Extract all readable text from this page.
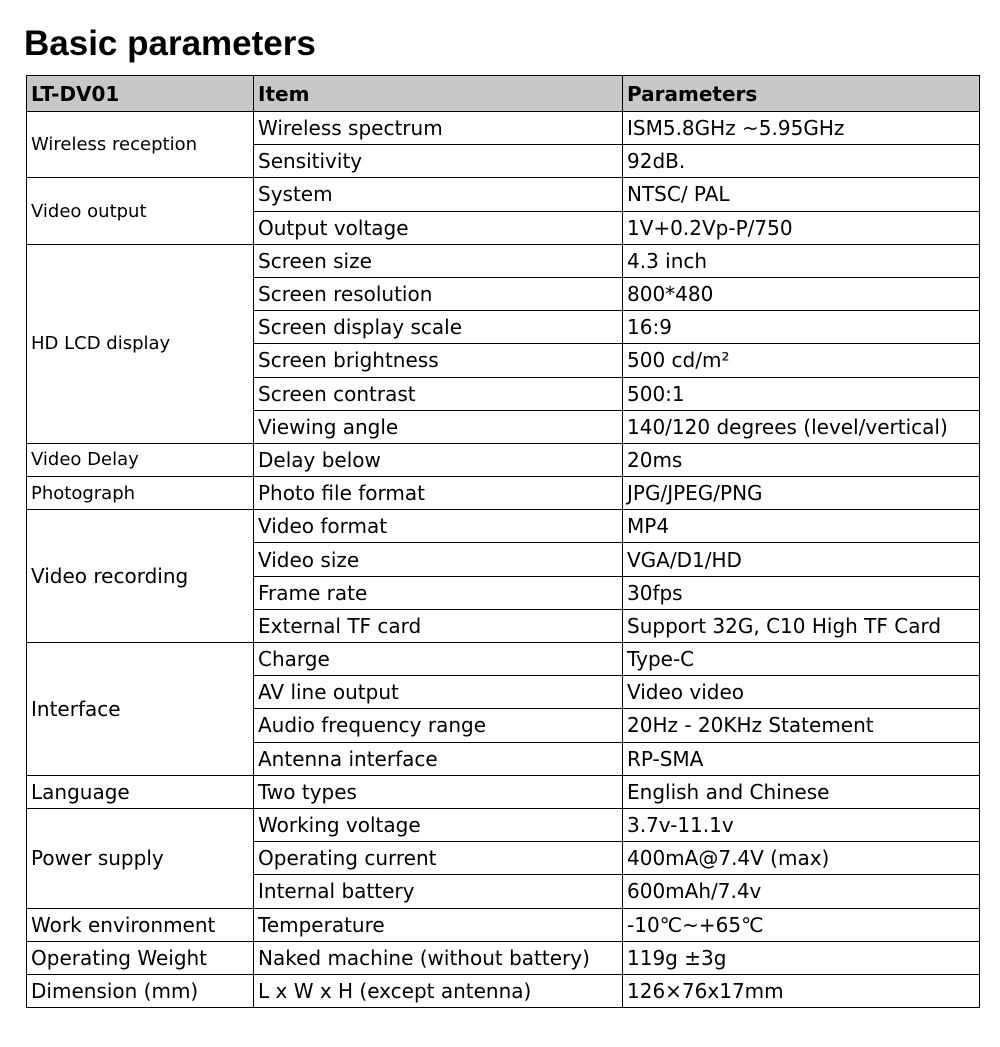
Basic parameters
LT-DV01	Item	Parameters
Wireless reception	Wireless spectrum	ISM5.8GHz ~5.95GHz
	Sensitivity	92dB.
Video output	System	NTSC/ PAL
	Output voltage	1V+0.2Vp-P/750
HD LCD display	Screen size	4.3 inch
	Screen resolution	800*480
	Screen display scale	16:9
	Screen brightness	500 cd/m²
	Screen contrast	500:1
	Viewing angle	140/120 degrees (level/vertical)
Video Delay	Delay below	20ms
Photograph	Photo file format	JPG/JPEG/PNG
Video recording	Video format	MP4
	Video size	VGA/D1/HD
	Frame rate	30fps
	External TF card	Support 32G, C10 High TF Card
Interface	Charge	Type-C
	AV line output	Video video
	Audio frequency range	20Hz - 20KHz Statement
	Antenna interface	RP-SMA
Language	Two types	English and Chinese
Power supply	Working voltage	3.7v-11.1v
	Operating current	400mA@7.4V (max)
	Internal battery	600mAh/7.4v
Work environment	Temperature	-10℃~+65℃
Operating Weight	Naked machine (without battery)	119g ±3g
Dimension (mm)	L x W x H (except antenna)	126×76x17mm
